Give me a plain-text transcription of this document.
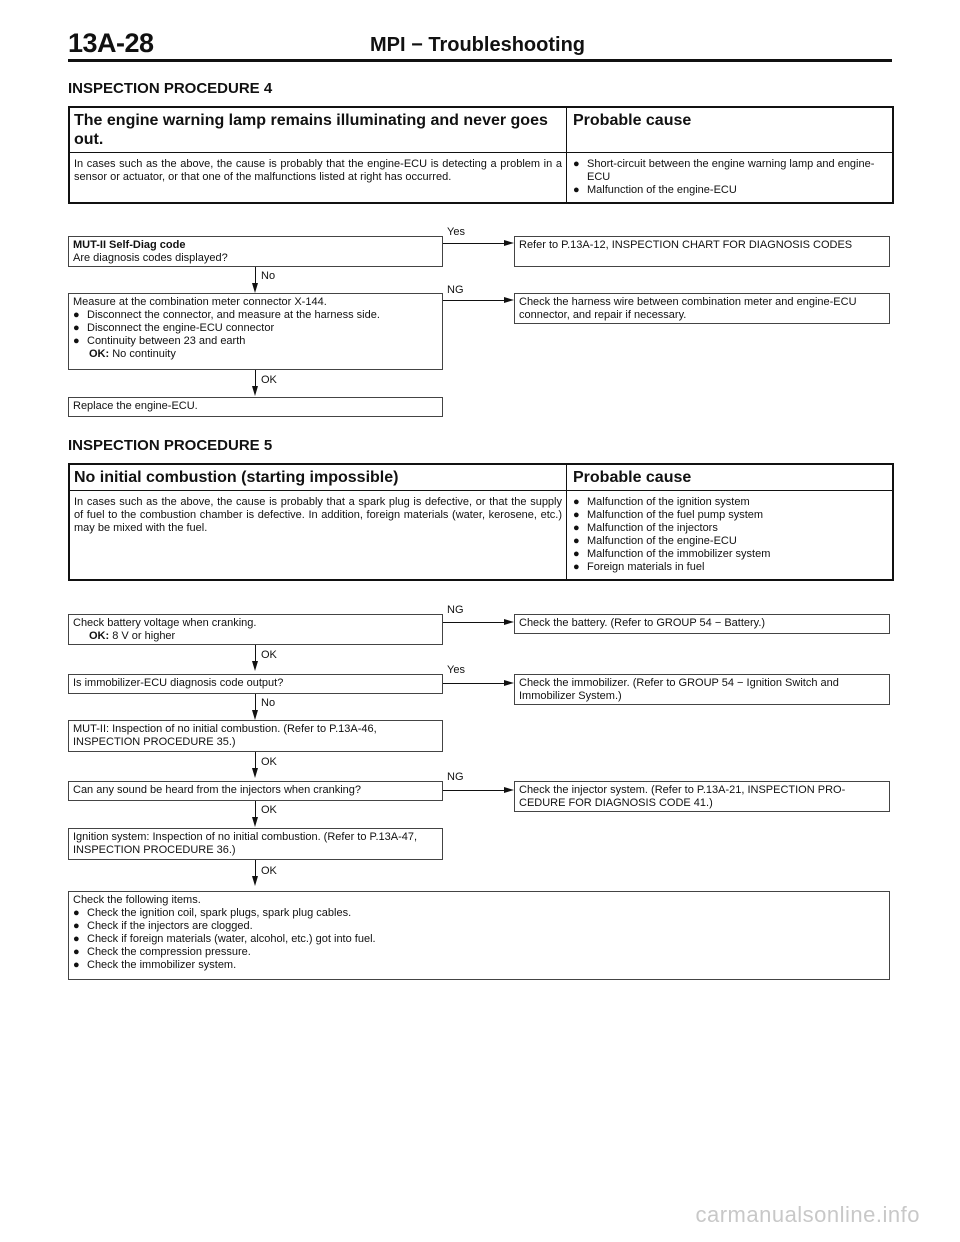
13A-28	MPI − Troubleshooting
INSPECTION PROCEDURE 4
The engine warning lamp remains illuminating and never goes out.
Probable cause
In cases such as the above, the cause is probably that the engine-ECU is detecting a problem in a sensor or actuator, or that one of the malfunctions listed at right has occurred.
● Short-circuit between the engine warning lamp and engine-ECU
● Malfunction of the engine-ECU
MUT-II Self-Diag code
Are diagnosis codes displayed?
Yes
Refer to P.13A-12, INSPECTION CHART FOR DIAGNOSIS CODES
No
Measure at the combination meter connector X-144.
● Disconnect the connector, and measure at the harness side.
● Disconnect the engine-ECU connector
● Continuity between 23 and earth
OK: No continuity
NG
Check the harness wire between combination meter and engine-ECU connector, and repair if necessary.
OK
Replace the engine-ECU.
INSPECTION PROCEDURE 5
No initial combustion (starting impossible)	Probable cause
In cases such as the above, the cause is probably that a spark plug is defective, or that the supply of fuel to the combustion chamber is defective. In addition, foreign materials (water, kerosene, etc.) may be mixed with the fuel.
● Malfunction of the ignition system
● Malfunction of the fuel pump system
● Malfunction of the injectors
● Malfunction of the engine-ECU
● Malfunction of the immobilizer system
● Foreign materials in fuel
Check battery voltage when cranking.
OK: 8 V or higher
NG
Check the battery. (Refer to GROUP 54 − Battery.)
OK
Is immobilizer-ECU diagnosis code output?
Yes
Check the immobilizer. (Refer to GROUP 54 − Ignition Switch and Immobilizer System.)
No
MUT-II: Inspection of no initial combustion. (Refer to P.13A-46, INSPECTION PROCEDURE 35.)
OK
Can any sound be heard from the injectors when cranking?
NG
Check the injector system. (Refer to P.13A-21, INSPECTION PRO-CEDURE FOR DIAGNOSIS CODE 41.)
OK
Ignition system: Inspection of no initial combustion. (Refer to P.13A-47, INSPECTION PROCEDURE 36.)
OK
Check the following items.
● Check the ignition coil, spark plugs, spark plug cables.
● Check if the injectors are clogged.
● Check if foreign materials (water, alcohol, etc.) got into fuel.
● Check the compression pressure.
● Check the immobilizer system.
carmanualsonline.info
